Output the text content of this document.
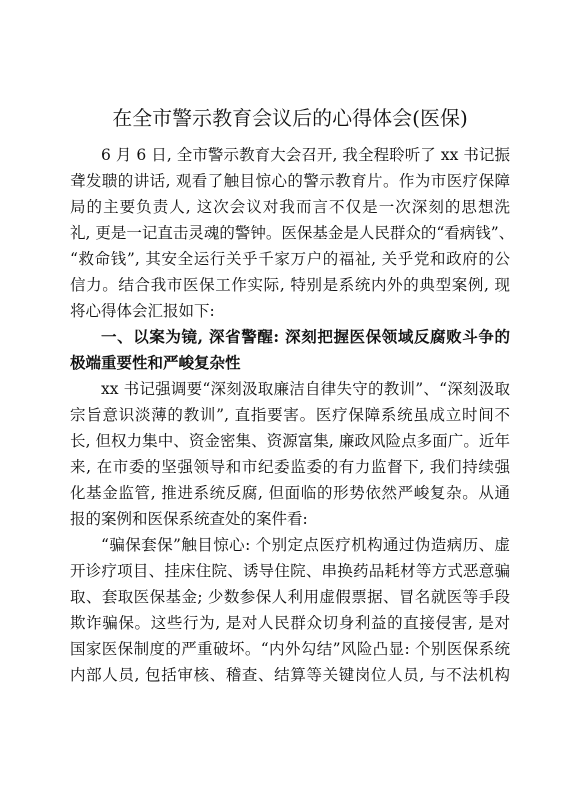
在全市警示教育会议后的心得体会(医保)
6 月 6 日, 全市警示教育大会召开, 我全程聆听了 xx 书记振
聋发聩的讲话, 观看了触目惊心的警示教育片。作为市医疗保障
局的主要负责人, 这次会议对我而言不仅是一次深刻的思想洗
礼, 更是一记直击灵魂的警钟。医保基金是人民群众的“看病钱”、
“救命钱”, 其安全运行关乎千家万户的福祉, 关乎党和政府的公
信力。结合我市医保工作实际, 特别是系统内外的典型案例, 现
将心得体会汇报如下:
一、以案为镜, 深省警醒: 深刻把握医保领域反腐败斗争的
极端重要性和严峻复杂性
xx 书记强调要“深刻汲取廉洁自律失守的教训”、“深刻汲取
宗旨意识淡薄的教训”, 直指要害。医疗保障系统虽成立时间不
长, 但权力集中、资金密集、资源富集, 廉政风险点多面广。近年
来, 在市委的坚强领导和市纪委监委的有力监督下, 我们持续强
化基金监管, 推进系统反腐, 但面临的形势依然严峻复杂。从通
报的案例和医保系统查处的案件看:
“骗保套保”触目惊心: 个别定点医疗机构通过伪造病历、虚
开诊疗项目、挂床住院、诱导住院、串换药品耗材等方式恶意骗
取、套取医保基金; 少数参保人利用虚假票据、冒名就医等手段
欺诈骗保。这些行为, 是对人民群众切身利益的直接侵害, 是对
国家医保制度的严重破坏。“内外勾结”风险凸显: 个别医保系统
内部人员, 包括审核、稽查、结算等关键岗位人员, 与不法机构
